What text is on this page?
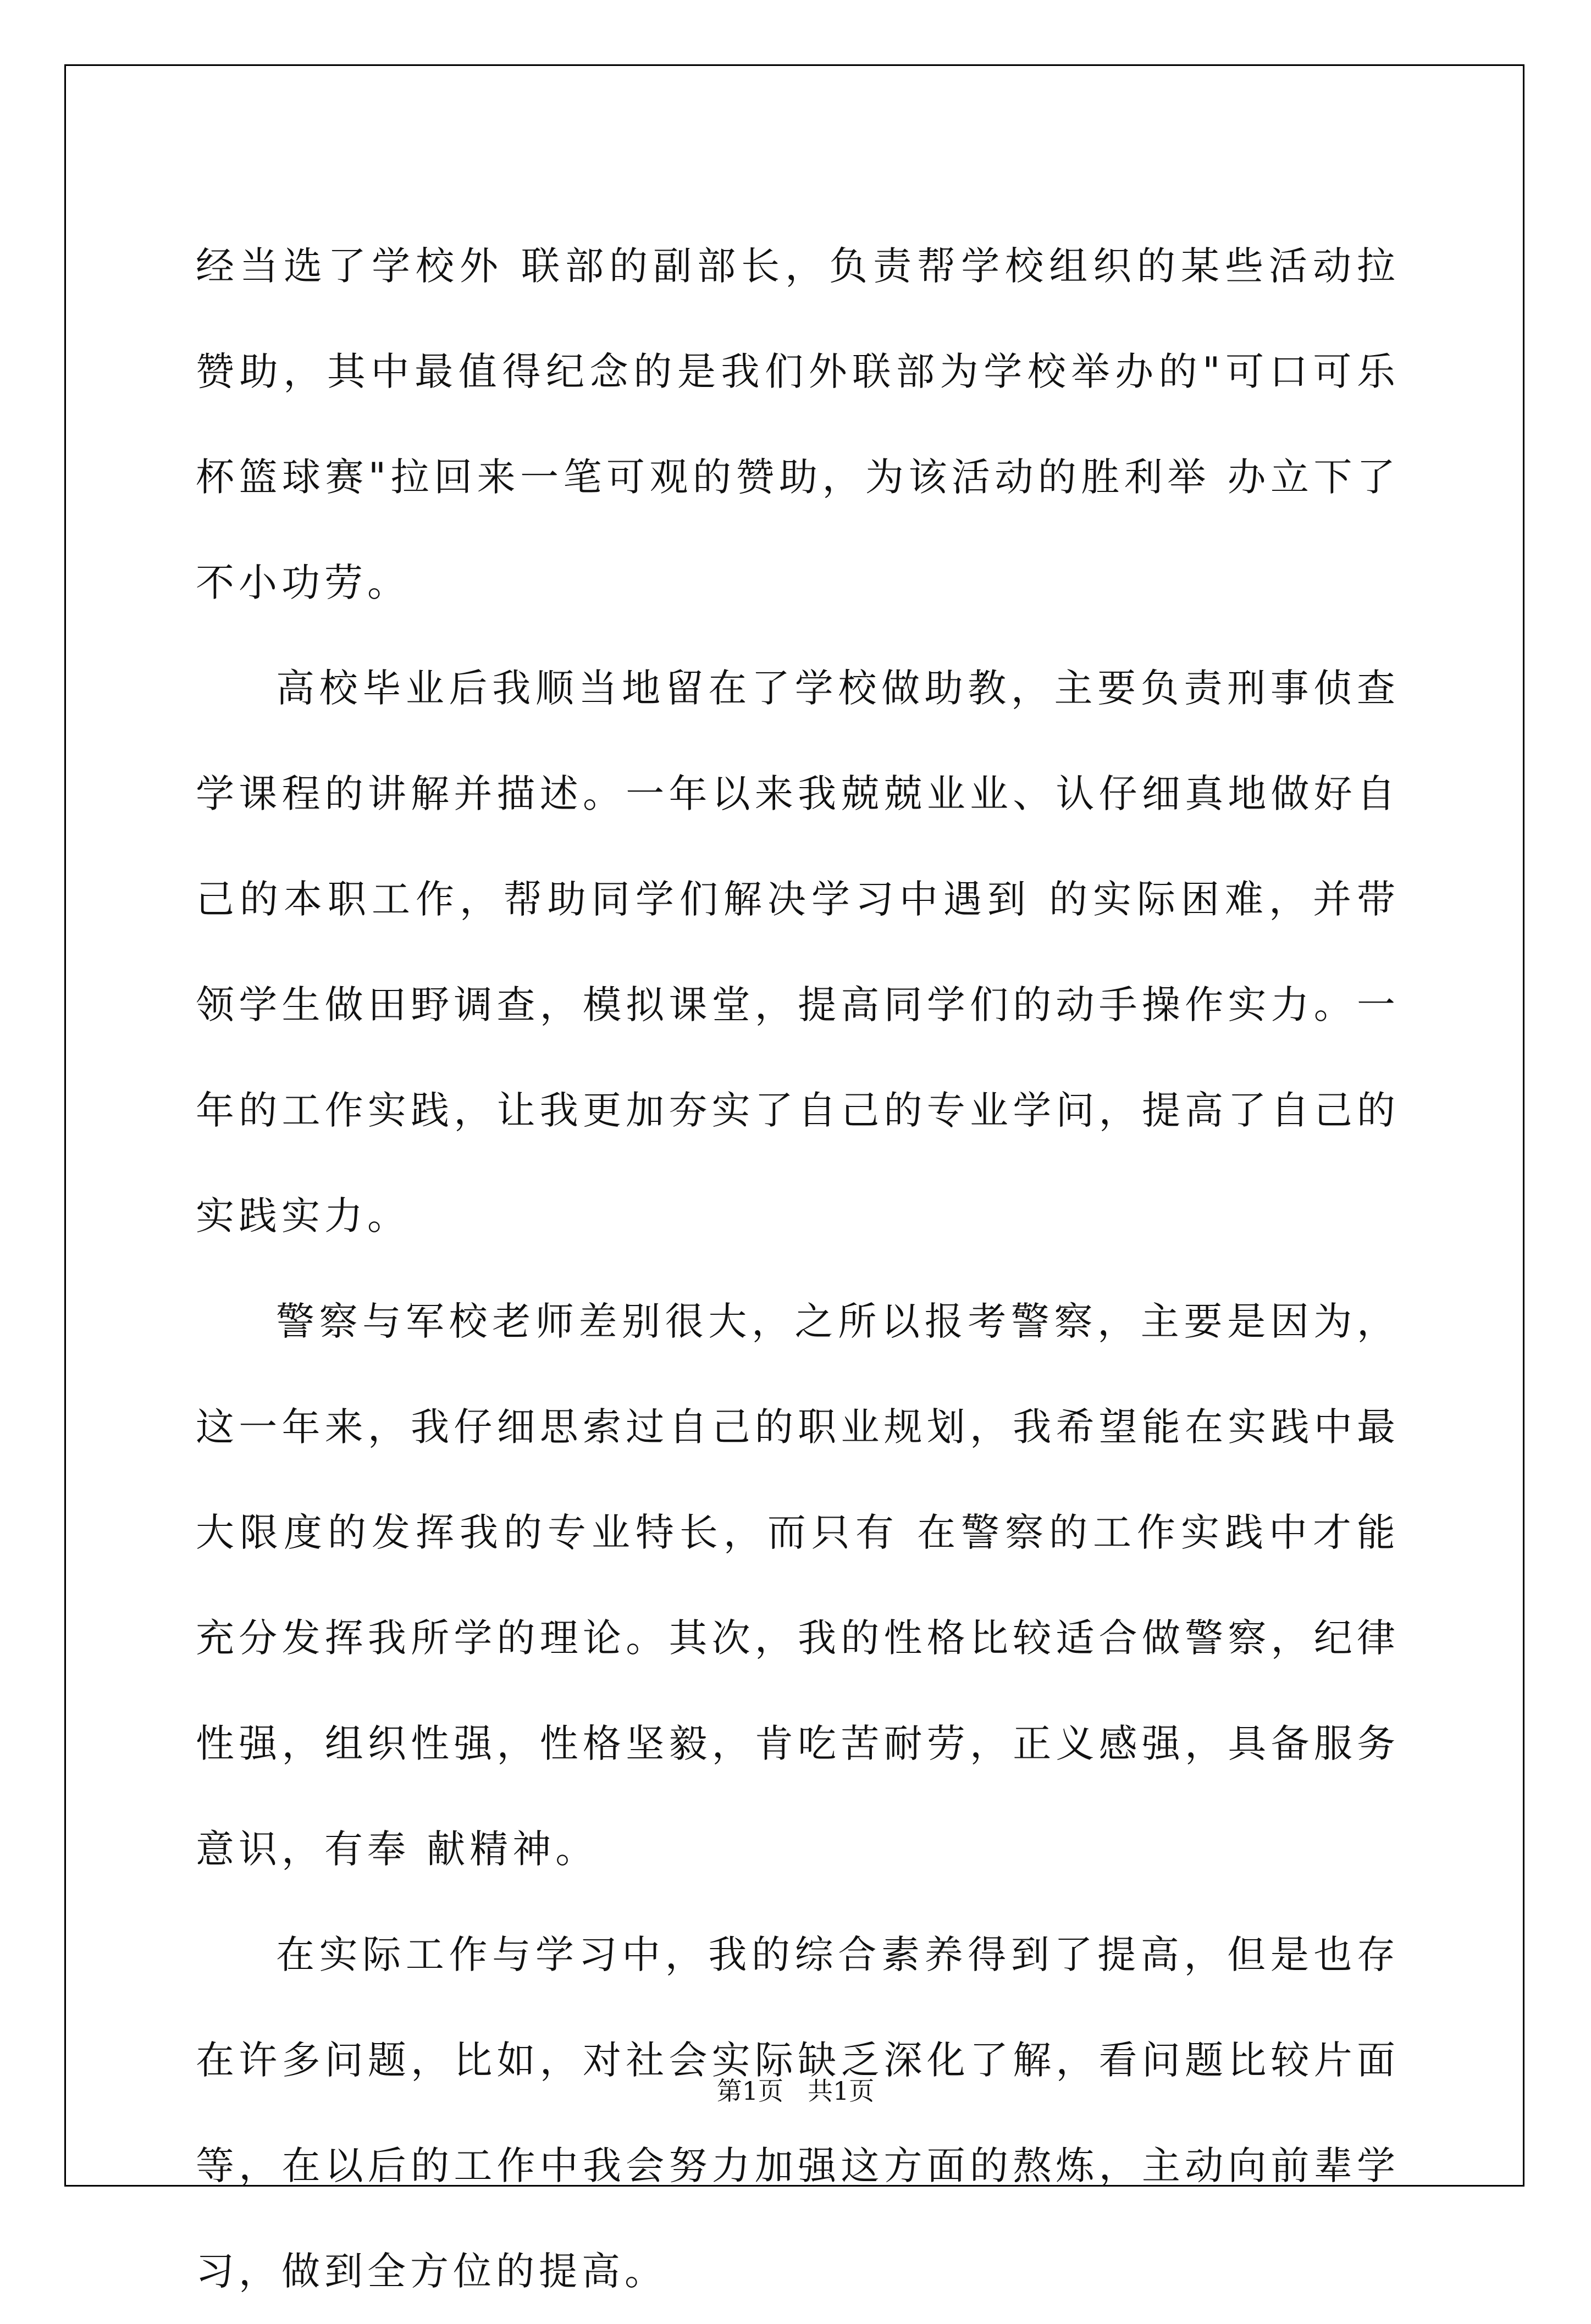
经当选了学校外 联部的副部长，负责帮学校组织的某些活动拉赞助，其中最值得纪念的是我们外联部为学校举办的"可口可乐杯篮球赛"拉回来一笔可观的赞助，为该活动的胜利举 办立下了不小功劳。

高校毕业后我顺当地留在了学校做助教，主要负责刑事侦查学课程的讲解并描述。一年以来我兢兢业业、认仔细真地做好自己的本职工作，帮助同学们解决学习中遇到 的实际困难，并带领学生做田野调查，模拟课堂，提高同学们的动手操作实力。一年的工作实践，让我更加夯实了自己的专业学问，提高了自己的实践实力。

警察与军校老师差别很大，之所以报考警察，主要是因为，这一年来，我仔细思索过自己的职业规划，我希望能在实践中最大限度的发挥我的专业特长，而只有 在警察的工作实践中才能充分发挥我所学的理论。其次，我的性格比较适合做警察，纪律性强，组织性强，性格坚毅，肯吃苦耐劳，正义感强，具备服务意识，有奉 献精神。

在实际工作与学习中，我的综合素养得到了提高，但是也存在许多问题，比如，对社会实际缺乏深化了解，看问题比较片面等，在以后的工作中我会努力加强这方面的熬炼，主动向前辈学习，做到全方位的提高。

第1页 共1页
